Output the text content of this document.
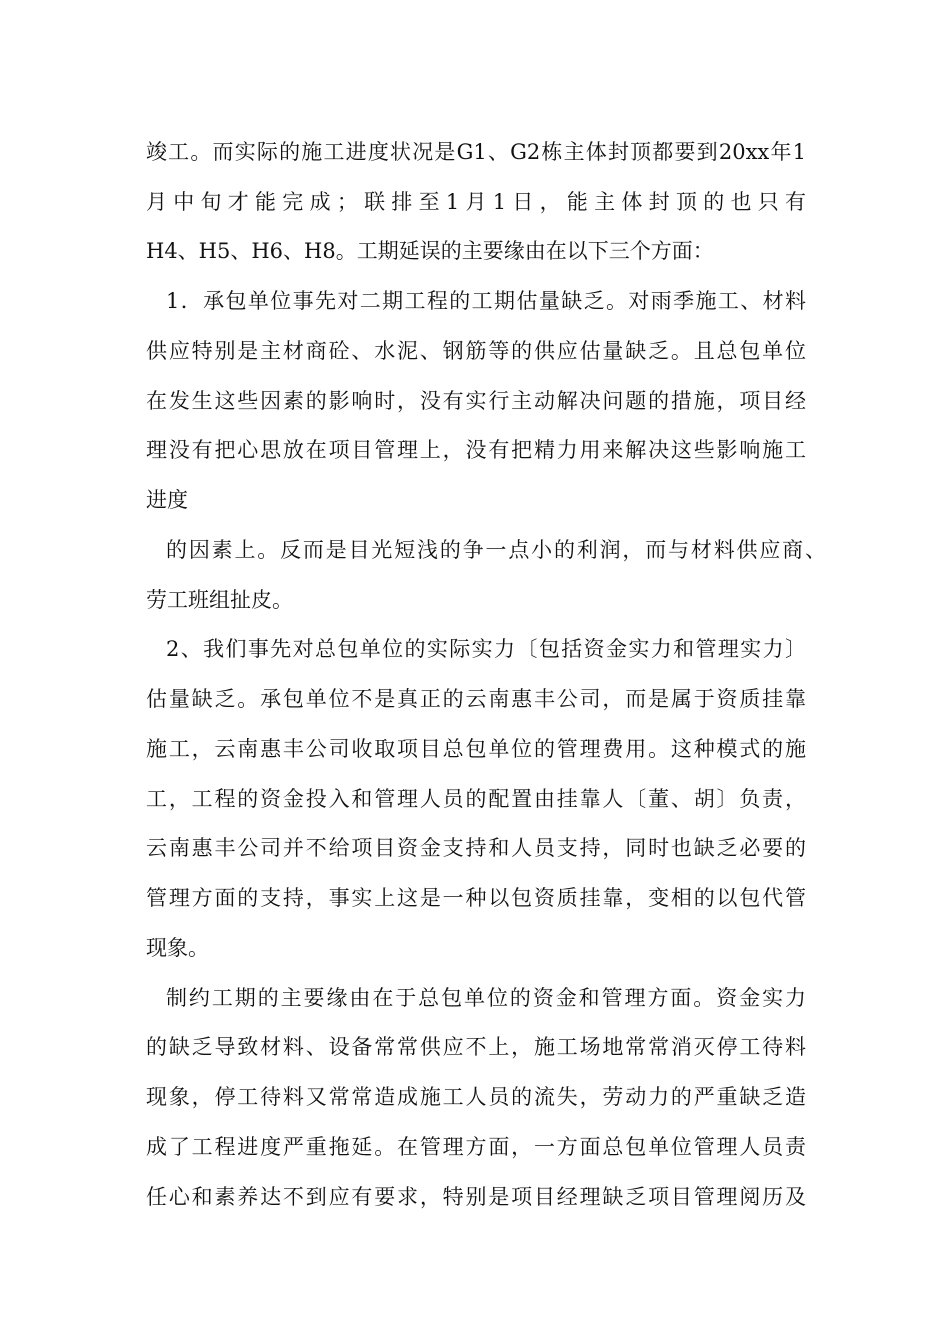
竣工。而实际的施工进度状况是G1、G2栋主体封顶都要到20xx年1
月中旬才能完成；联排至1月1日，能主体封顶的也只有
H4、H5、H6、H8。工期延误的主要缘由在以下三个方面：
1．承包单位事先对二期工程的工期估量缺乏。对雨季施工、材料
供应特别是主材商砼、水泥、钢筋等的供应估量缺乏。且总包单位
在发生这些因素的影响时，没有实行主动解决问题的措施，项目经
理没有把心思放在项目管理上，没有把精力用来解决这些影响施工
进度
的因素上。反而是目光短浅的争一点小的利润，而与材料供应商、
劳工班组扯皮。
2、我们事先对总包单位的实际实力〔包括资金实力和管理实力〕
估量缺乏。承包单位不是真正的云南惠丰公司，而是属于资质挂靠
施工，云南惠丰公司收取项目总包单位的管理费用。这种模式的施
工，工程的资金投入和管理人员的配置由挂靠人〔董、胡〕负责，
云南惠丰公司并不给项目资金支持和人员支持，同时也缺乏必要的
管理方面的支持，事实上这是一种以包资质挂靠，变相的以包代管
现象。
制约工期的主要缘由在于总包单位的资金和管理方面。资金实力
的缺乏导致材料、设备常常供应不上，施工场地常常消灭停工待料
现象，停工待料又常常造成施工人员的流失，劳动力的严重缺乏造
成了工程进度严重拖延。在管理方面，一方面总包单位管理人员责
任心和素养达不到应有要求，特别是项目经理缺乏项目管理阅历及
